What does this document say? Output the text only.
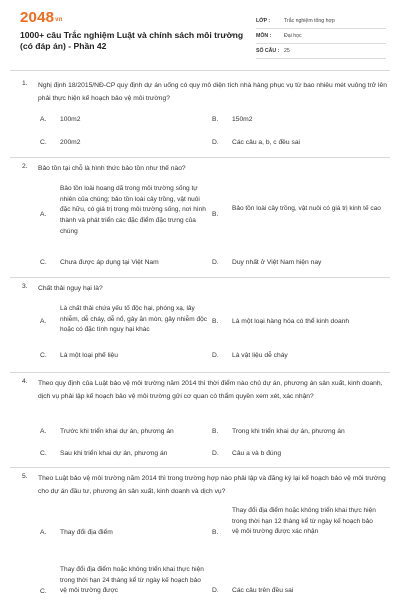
2048vn
1000+ câu Trắc nghiệm Luật và chính sách môi trường (có đáp án) - Phần 42
LỚP :	Trắc nghiệm tổng hợp
MÔN :	Đại học
SỐ CÂU : 25
1. Nghị định 18/2015/NĐ-CP quy định dự án uống có quy mô diện tích nhà hàng phục vụ từ bao nhiêu mét vuông trở lên phải thực hiện kế hoạch bảo vệ môi trường?
A. 100m2	B. 150m2
C. 200m2	D. Các câu a, b, c đều sai
2. Bảo tồn tại chỗ là hình thức bảo tồn như thế nào?
A.
Bảo tồn loài hoang dã trong môi trường sống tự nhiên của chúng; bảo tồn loài cây trồng, vật nuôi đặc hữu, có giá trị trong môi trường sống, nơi hình thành và phát triển các đặc điểm đặc trưng của chúng
B.
Bảo tồn loài cây trồng, vật nuôi có giá trị kinh tế cao
C. Chưa được áp dụng tại Việt Nam	D. Duy nhất ở Việt Nam hiện nay
3. Chất thải nguy hại là?
A.
Là chất thải chứa yếu tố độc hại, phóng xạ, lây nhiễm, dễ cháy, dễ nổ, gây ăn mòn, gây nhiễm độc hoặc có đặc tính nguy hại khác
B. Là một loại hàng hóa có thể kinh doanh
C. Là một loại phế liệu	D. Là vật liệu dễ cháy
4. Theo quy định của Luật bảo vệ môi trường năm 2014 thì thời điểm nào chủ dự án, phương án sản xuất, kinh doanh, dịch vụ phải lập kế hoạch bảo vệ môi trường gửi cơ quan có thẩm quyền xem xét, xác nhận?
A. Trước khi triển khai dự án, phương án	B. Trong khi triển khai dự án, phương án
C. Sau khi triển khai dự án, phương án	D. Câu a và b đúng
5. Theo Luật bảo vệ môi trường năm 2014 thì trong trường hợp nào phải lập và đăng ký lại kế hoạch bảo vệ môi trường cho dự án đầu tư, phương án sản xuất, kinh doanh và dịch vụ?
A. Thay đổi địa điểm	B.
Thay đổi địa điểm hoặc không triển khai thực hiện trong thời hạn 12 tháng kể từ ngày kế hoạch bảo vệ môi trường được xác nhận
C.
Thay đổi địa điểm hoặc không triển khai thực hiện trong thời hạn 24 tháng kể từ ngày kế hoạch bảo vệ môi trường được	D. Các câu trên đều sai
